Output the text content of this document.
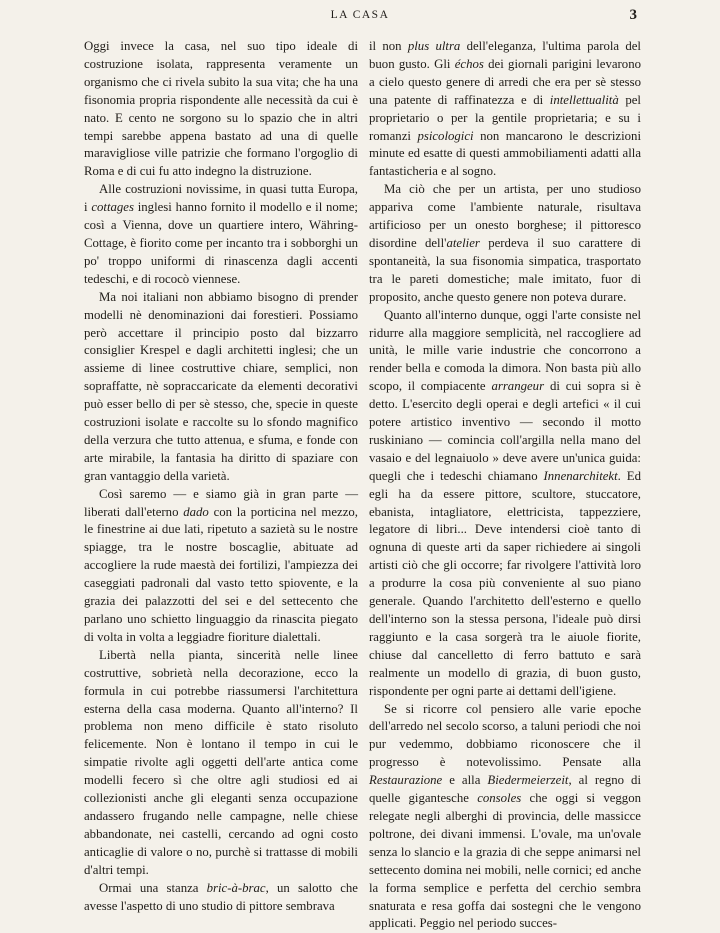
LA CASA	3

Oggi invece la casa, nel suo tipo ideale di costruzione isolata, rappresenta veramente un organismo che ci rivela subito la sua vita; che ha una fisonomia propria rispondente alle necessità da cui è nato. E cento ne sorgono su lo spazio che in altri tempi sarebbe appena bastato ad una di quelle maravigliose ville patrizie che formano l'orgoglio di Roma e di cui fu atto indegno la distruzione.

Alle costruzioni novissime, in quasi tutta Europa, i cottages inglesi hanno fornito il modello e il nome; così a Vienna, dove un quartiere intero, Währing-Cottage, è fiorito come per incanto tra i sobborghi un po' troppo uniformi di rinascenza dagli accenti tedeschi, e di rococò viennese.

Ma noi italiani non abbiamo bisogno di prender modelli nè denominazioni dai forestieri. Possiamo però accettare il principio posto dal bizzarro consiglier Krespel e dagli architetti inglesi; che un assieme di linee costruttive chiare, semplici, non sopraffatte, nè sopraccaricate da elementi decorativi può esser bello di per sè stesso, che, specie in queste costruzioni isolate e raccolte su lo sfondo magnifico della verzura che tutto attenua, e sfuma, e fonde con arte mirabile, la fantasia ha diritto di spaziare con gran vantaggio della varietà.

Così saremo — e siamo già in gran parte — liberati dall'eterno dado con la porticina nel mezzo, le finestrine ai due lati, ripetuto a sazietà su le nostre spiagge, tra le nostre boscaglie, abituate ad accogliere la rude maestà dei fortilizi, l'ampiezza dei caseggiati padronali dal vasto tetto spiovente, e la grazia dei palazzotti del sei e del settecento che parlano uno schietto linguaggio da rinascita piegato di volta in volta a leggiadre fioriture dialettali.

Libertà nella pianta, sincerità nelle linee costruttive, sobrietà nella decorazione, ecco la formula in cui potrebbe riassumersi l'architettura esterna della casa moderna. Quanto all'interno? Il problema non meno difficile è stato risoluto felicemente. Non è lontano il tempo in cui le simpatie rivolte agli oggetti dell'arte antica come modelli fecero sì che oltre agli studiosi ed ai collezionisti anche gli eleganti senza occupazione andassero frugando nelle campagne, nelle chiese abbandonate, nei castelli, cercando ad ogni costo anticaglie di valore o no, purchè si trattasse di mobili d'altri tempi.

Ormai una stanza bric-à-brac, un salotto che avesse l'aspetto di uno studio di pittore sembrava

il non plus ultra dell'eleganza, l'ultima parola del buon gusto. Gli échos dei giornali parigini levarono a cielo questo genere di arredi che era per sè stesso una patente di raffinatezza e di intellettualità pel proprietario o per la gentile proprietaria; e su i romanzi psicologici non mancarono le descrizioni minute ed esatte di questi ammobiliamenti adatti alla fantasticheria e al sogno.

Ma ciò che per un artista, per uno studioso appariva come l'ambiente naturale, risultava artificioso per un onesto borghese; il pittoresco disordine dell'atelier perdeva il suo carattere di spontaneità, la sua fisonomia simpatica, trasportato tra le pareti domestiche; male imitato, fuor di proposito, anche questo genere non poteva durare.

Quanto all'interno dunque, oggi l'arte consiste nel ridurre alla maggiore semplicità, nel raccogliere ad unità, le mille varie industrie che concorrono a render bella e comoda la dimora. Non basta più allo scopo, il compiacente arrangeur di cui sopra si è detto. L'esercito degli operai e degli artefici « il cui potere artistico inventivo — secondo il motto ruskiniano — comincia coll'argilla nella mano del vasaio e del legnaiuolo » deve avere un'unica guida: quegli che i tedeschi chiamano Innenarchitekt. Ed egli ha da essere pittore, scultore, stuccatore, ebanista, intagliatore, elettricista, tappezziere, legatore di libri... Deve intendersi cioè tanto di ognuna di queste arti da saper richiedere ai singoli artisti ciò che gli occorre; far rivolgere l'attività loro a produrre la cosa più conveniente al suo piano generale. Quando l'architetto dell'esterno e quello dell'interno son la stessa persona, l'ideale può dirsi raggiunto e la casa sorgerà tra le aiuole fiorite, chiuse dal cancelletto di ferro battuto e sarà realmente un modello di grazia, di buon gusto, rispondente per ogni parte ai dettami dell'igiene.

Se si ricorre col pensiero alle varie epoche dell'arredo nel secolo scorso, a taluni periodi che noi pur vedemmo, dobbiamo riconoscere che il progresso è notevolissimo. Pensate alla Restaurazione e alla Biedermeierzeit, al regno di quelle gigantesche consoles che oggi si veggon relegate negli alberghi di provincia, delle massicce poltrone, dei divani immensi. L'ovale, ma un'ovale senza lo slancio e la grazia di che seppe animarsi nel settecento domina nei mobili, nelle cornici; ed anche la forma semplice e perfetta del cerchio sembra snaturata e resa goffa dai sostegni che le vengono applicati. Peggio nel periodo succes-
